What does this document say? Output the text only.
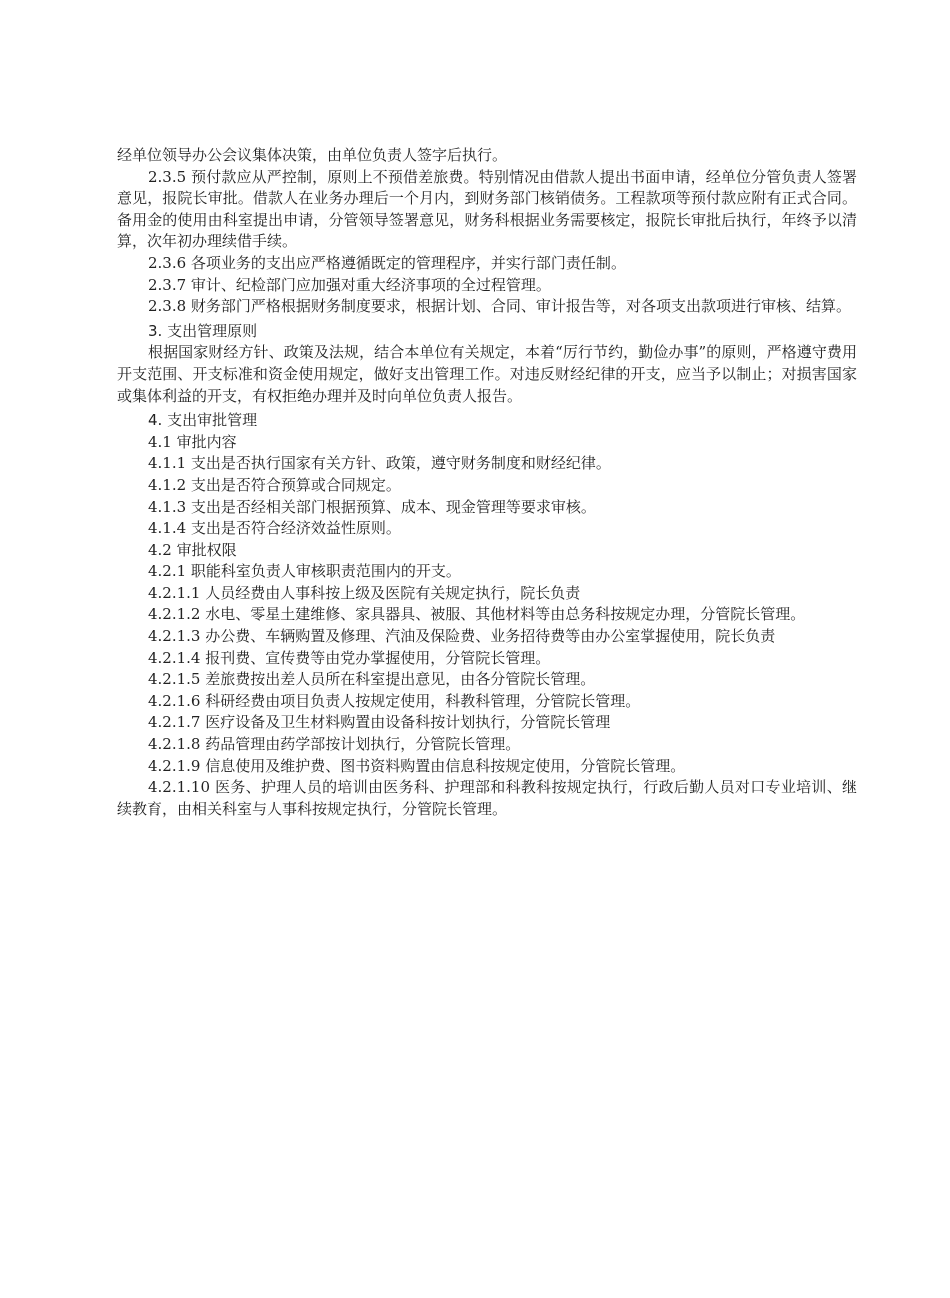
经单位领导办公会议集体决策，由单位负责人签字后执行。

2.3.5 预付款应从严控制，原则上不预借差旅费。特别情况由借款人提出书面申请，经单位分管负责人签署意见，报院长审批。借款人在业务办理后一个月内，到财务部门核销债务。工程款项等预付款应附有正式合同。备用金的使用由科室提出申请，分管领导签署意见，财务科根据业务需要核定，报院长审批后执行，年终予以清算，次年初办理续借手续。

2.3.6 各项业务的支出应严格遵循既定的管理程序，并实行部门责任制。

2.3.7 审计、纪检部门应加强对重大经济事项的全过程管理。

2.3.8 财务部门严格根据财务制度要求，根据计划、合同、审计报告等，对各项支出款项进行审核、结算。

3. 支出管理原则

根据国家财经方针、政策及法规，结合本单位有关规定，本着“厉行节约，勤俭办事”的原则，严格遵守费用开支范围、开支标准和资金使用规定，做好支出管理工作。对违反财经纪律的开支，应当予以制止；对损害国家或集体利益的开支，有权拒绝办理并及时向单位负责人报告。

4. 支出审批管理

4.1 审批内容

4.1.1 支出是否执行国家有关方针、政策，遵守财务制度和财经纪律。

4.1.2 支出是否符合预算或合同规定。

4.1.3 支出是否经相关部门根据预算、成本、现金管理等要求审核。

4.1.4 支出是否符合经济效益性原则。

4.2 审批权限

4.2.1 职能科室负责人审核职责范围内的开支。

4.2.1.1 人员经费由人事科按上级及医院有关规定执行，院长负责

4.2.1.2 水电、零星土建维修、家具器具、被服、其他材料等由总务科按规定办理，分管院长管理。

4.2.1.3 办公费、车辆购置及修理、汽油及保险费、业务招待费等由办公室掌握使用，院长负责

4.2.1.4 报刊费、宣传费等由党办掌握使用，分管院长管理。

4.2.1.5 差旅费按出差人员所在科室提出意见，由各分管院长管理。

4.2.1.6 科研经费由项目负责人按规定使用，科教科管理，分管院长管理。

4.2.1.7 医疗设备及卫生材料购置由设备科按计划执行，分管院长管理

4.2.1.8 药品管理由药学部按计划执行，分管院长管理。

4.2.1.9 信息使用及维护费、图书资料购置由信息科按规定使用，分管院长管理。

4.2.1.10 医务、护理人员的培训由医务科、护理部和科教科按规定执行，行政后勤人员对口专业培训、继续教育，由相关科室与人事科按规定执行，分管院长管理。
